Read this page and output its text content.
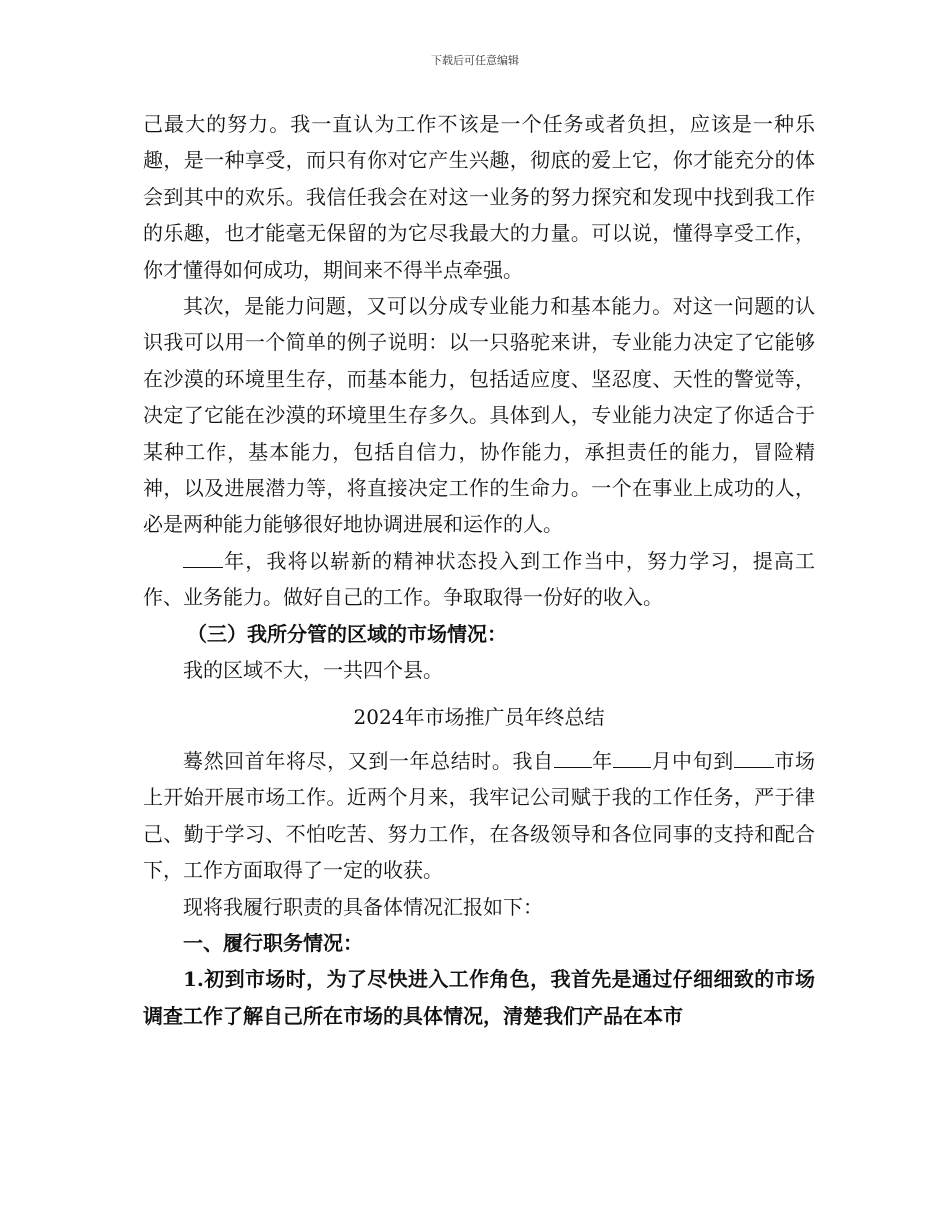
下载后可任意编辑

己最大的努力。我一直认为工作不该是一个任务或者负担，应该是一种乐趣，是一种享受，而只有你对它产生兴趣，彻底的爱上它，你才能充分的体会到其中的欢乐。我信任我会在对这一业务的努力探究和发现中找到我工作的乐趣，也才能毫无保留的为它尽我最大的力量。可以说，懂得享受工作，你才懂得如何成功，期间来不得半点牵强。

其次，是能力问题，又可以分成专业能力和基本能力。对这一问题的认识我可以用一个简单的例子说明：以一只骆驼来讲，专业能力决定了它能够在沙漠的环境里生存，而基本能力，包括适应度、坚忍度、天性的警觉等，决定了它能在沙漠的环境里生存多久。具体到人，专业能力决定了你适合于某种工作，基本能力，包括自信力，协作能力，承担责任的能力，冒险精神，以及进展潜力等，将直接决定工作的生命力。一个在事业上成功的人，必是两种能力能够很好地协调进展和运作的人。

年，我将以崭新的精神状态投入到工作当中，努力学习，提高工作、业务能力。做好自己的工作。争取取得一份好的收入。

（三）我所分管的区域的市场情况：

我的区域不大，一共四个县。

2024年市场推广员年终总结

蓦然回首年将尽，又到一年总结时。我自 年 月中旬到 市场上开始开展市场工作。近两个月来，我牢记公司赋于我的工作任务，严于律己、勤于学习、不怕吃苦、努力工作，在各级领导和各位同事的支持和配合下，工作方面取得了一定的收获。

现将我履行职责的具备体情况汇报如下：

一、履行职务情况：

1.初到市场时，为了尽快进入工作角色，我首先是通过仔细细致的市场调查工作了解自己所在市场的具体情况，清楚我们产品在本市
